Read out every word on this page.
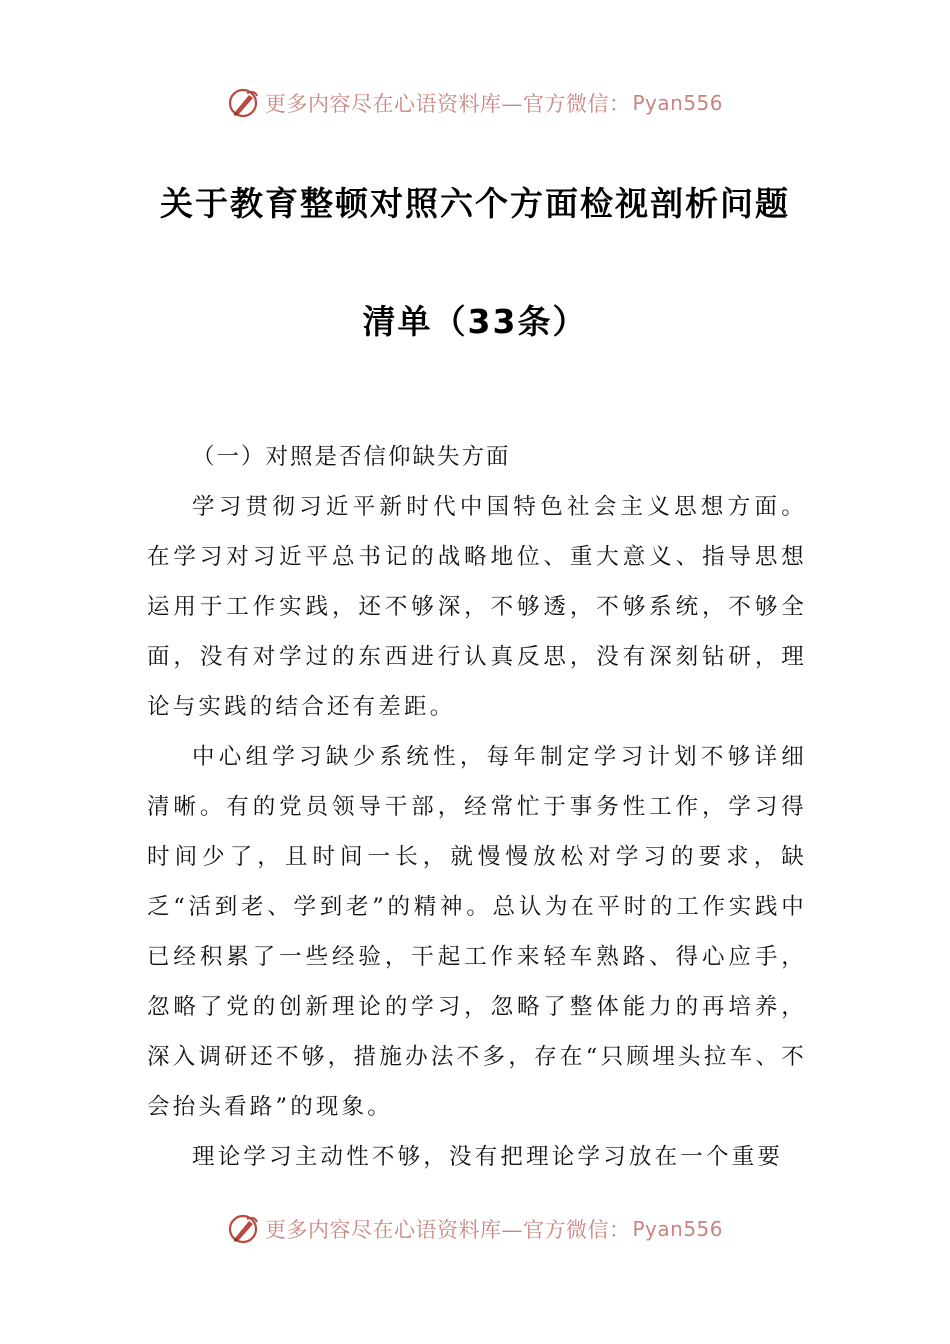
更多内容尽在心语资料库—官方微信： Pyan556
关于教育整顿对照六个方面检视剖析问题
清单（33条）

（一）对照是否信仰缺失方面

学习贯彻习近平新时代中国特色社会主义思想方面。在学习对习近平总书记的战略地位、重大意义、指导思想运用于工作实践，还不够深，不够透，不够系统，不够全面，没有对学过的东西进行认真反思，没有深刻钻研，理论与实践的结合还有差距。

中心组学习缺少系统性，每年制定学习计划不够详细清晰。有的党员领导干部，经常忙于事务性工作，学习得时间少了，且时间一长，就慢慢放松对学习的要求，缺乏“活到老、学到老”的精神。总认为在平时的工作实践中已经积累了一些经验，干起工作来轻车熟路、得心应手，忽略了党的创新理论的学习，忽略了整体能力的再培养，深入调研还不够，措施办法不多，存在“只顾埋头拉车、不会抬头看路”的现象。

理论学习主动性不够，没有把理论学习放在一个重要

更多内容尽在心语资料库—官方微信： Pyan556
